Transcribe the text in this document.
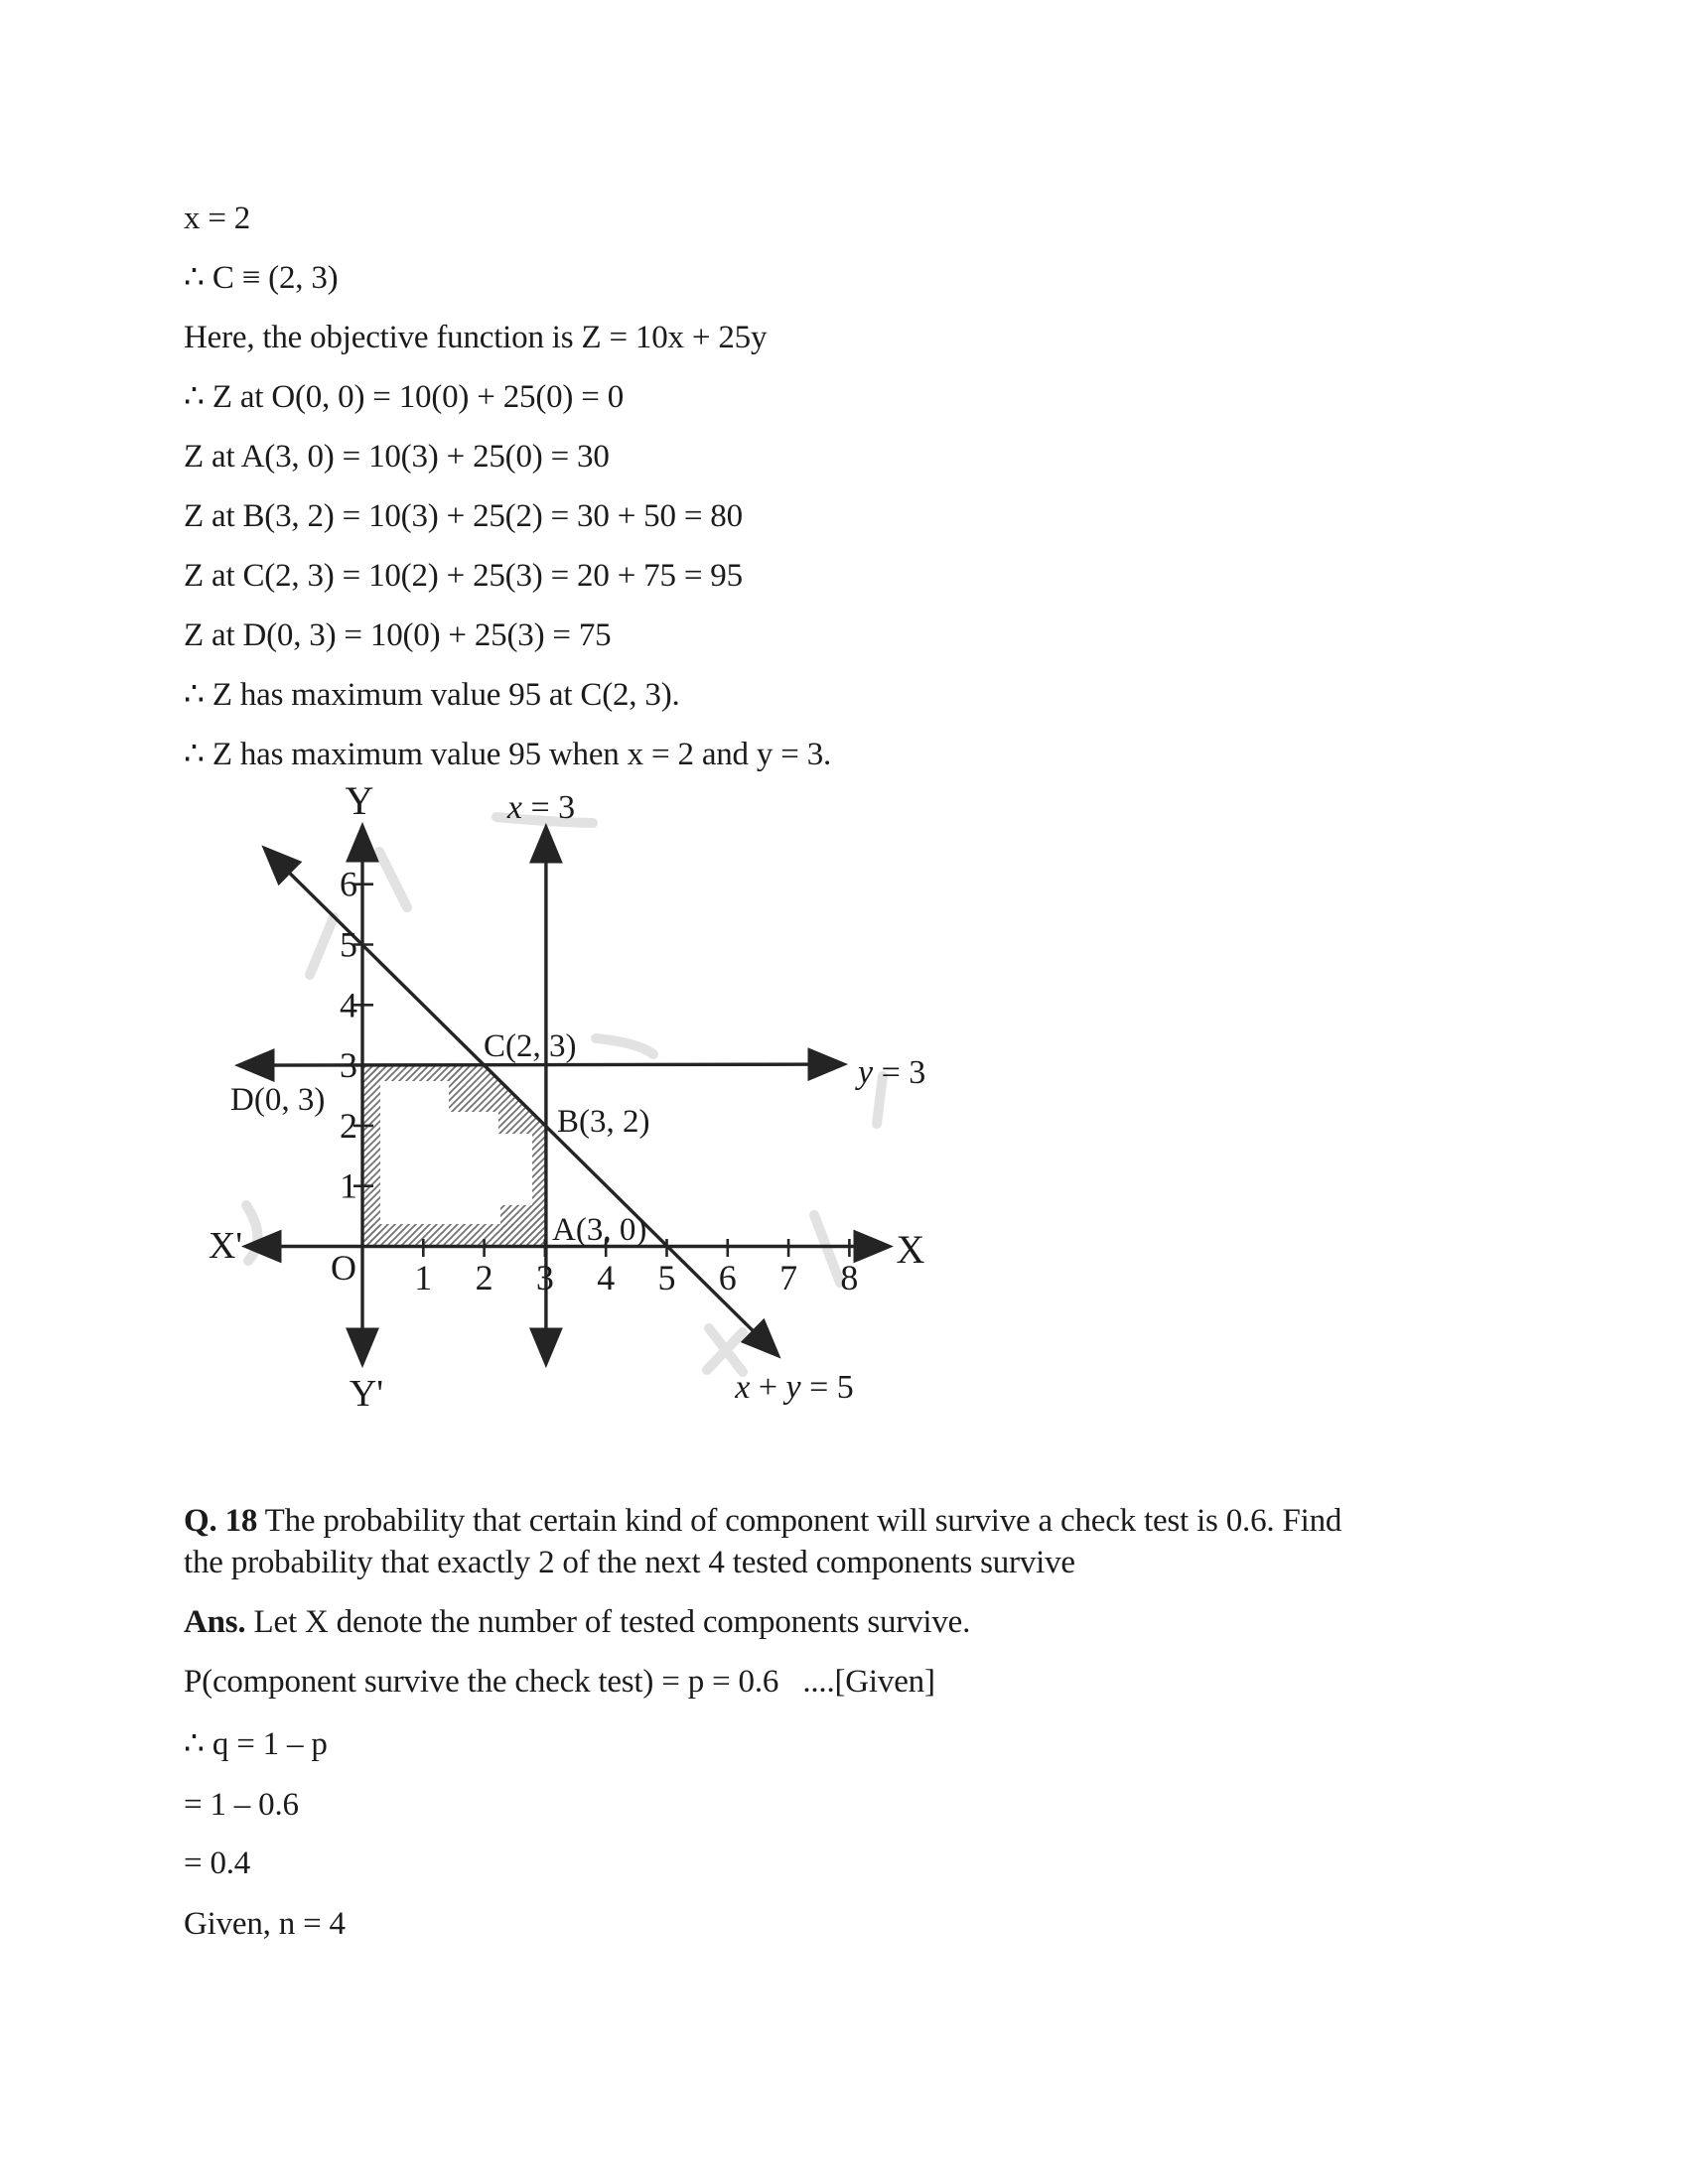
x = 2
∴ C ≡ (2, 3)
Here, the objective function is Z = 10x + 25y
∴ Z at O(0, 0) = 10(0) + 25(0) = 0
Z at A(3, 0) = 10(3) + 25(0) = 30
Z at B(3, 2) = 10(3) + 25(2) = 30 + 50 = 80
Z at C(2, 3) = 10(2) + 25(3) = 20 + 75 = 95
Z at D(0, 3) = 10(0) + 25(3) = 75
∴ Z has maximum value 95 at C(2, 3).
∴ Z has maximum value 95 when x = 2 and y = 3.
1 2 3 4 5 6 7 8
1
2
3
4
5
6
Y
Y'
X
X'
O
x = 3
y = 3
x + y = 5
C(2, 3)
B(3, 2)
A(3, 0)
D(0, 3)
Q. 18 The probability that certain kind of component will survive a check test is 0.6. Find
the probability that exactly 2 of the next 4 tested components survive
Ans. Let X denote the number of tested components survive.
P(component survive the check test) = p = 0.6   ....[Given]
∴ q = 1 – p
= 1 – 0.6
= 0.4
Given, n = 4
